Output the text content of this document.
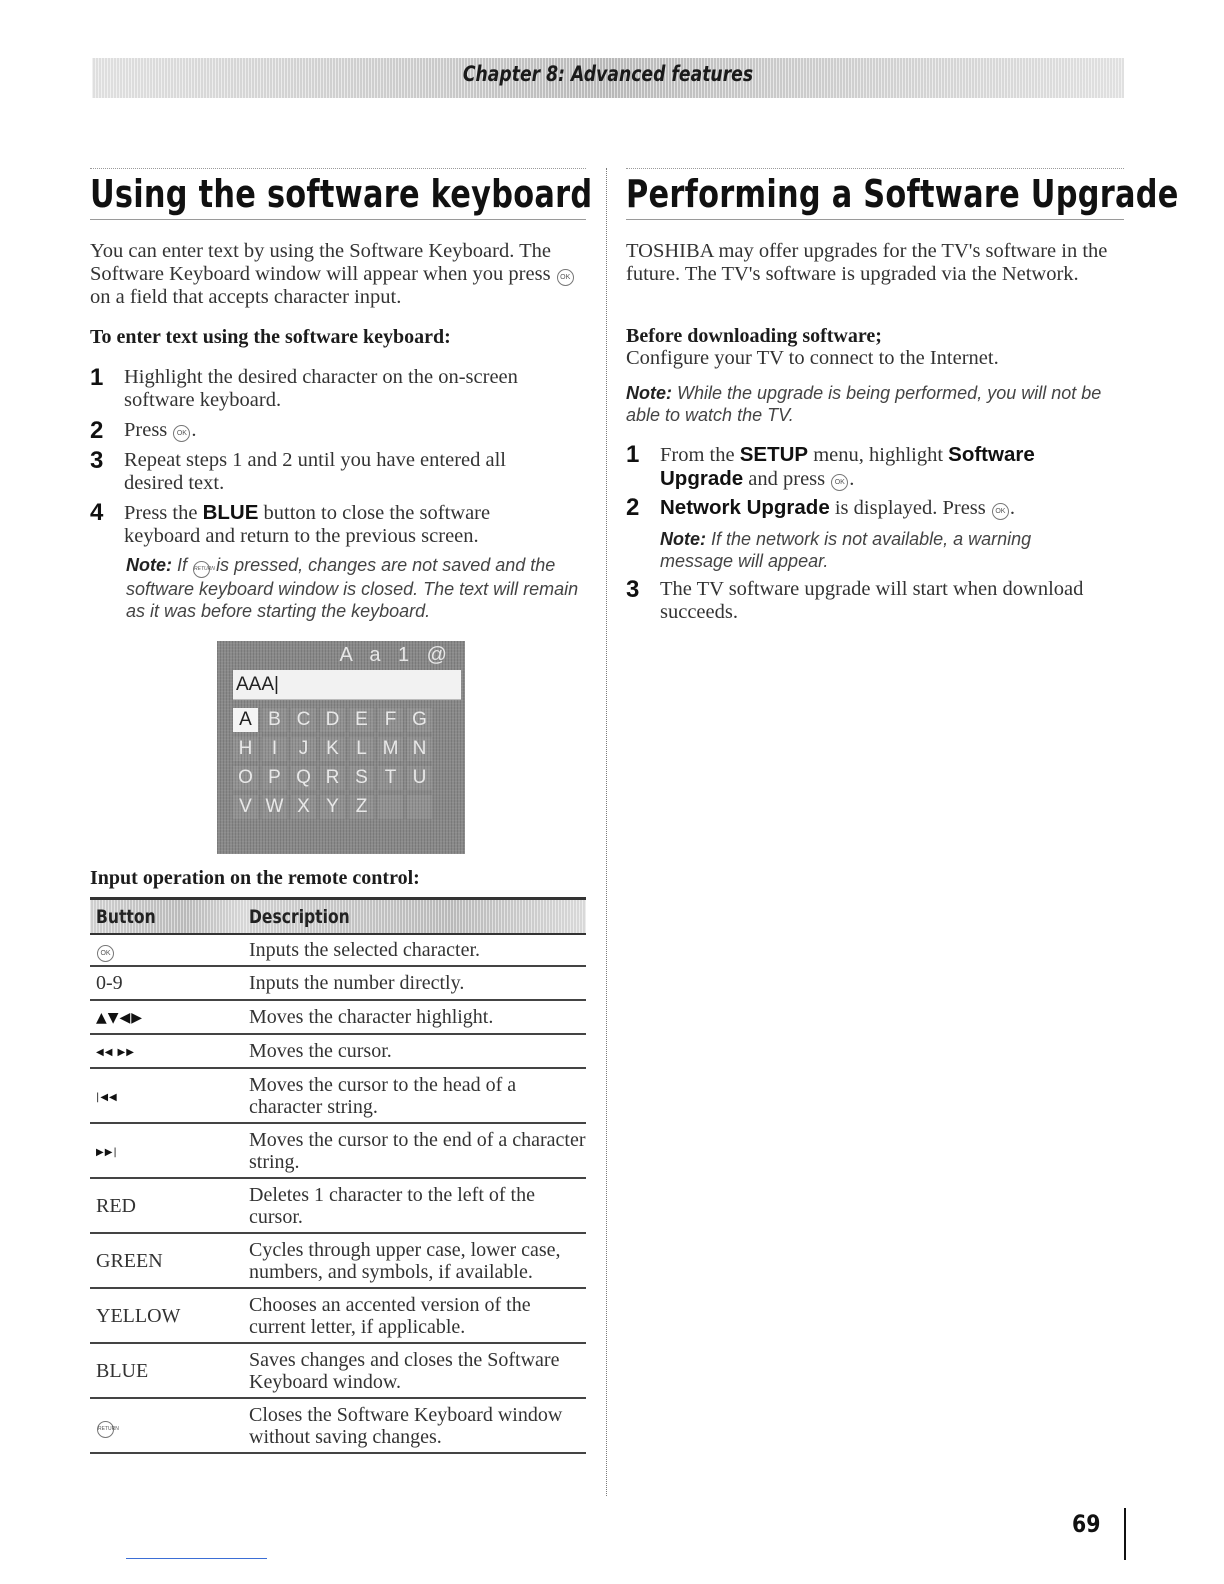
Chapter 8: Advanced features
Using the software keyboard
You can enter text by using the Software Keyboard. The Software Keyboard window will appear when you press OK on a field that accepts character input.
To enter text using the software keyboard:
1 Highlight the desired character on the on-screen software keyboard.
2 Press OK .
3 Repeat steps 1 and 2 until you have entered all desired text.
4 Press the BLUE button to close the software keyboard and return to the previous screen.
Note: If RETURN is pressed, changes are not saved and the software keyboard window is closed. The text will remain as it was before starting the keyboard.
A a 1 @
AAA|
A B C D E F G
H	I	J K L M N
O P Q R S T U
V W X Y Z
Input operation on the remote control:
Button	Description
OK	Inputs the selected character.
0-9	Inputs the number directly.
▲▼◀▶	Moves the character highlight.
◀◀ ▶▶	Moves the cursor.
|◀◀	Moves the cursor to the head of a character string.
▶▶|	Moves the cursor to the end of a character string.
RED	Deletes 1 character to the left of the cursor.
GREEN	Cycles through upper case, lower case, numbers, and symbols, if available.
YELLOW	Chooses an accented version of the current letter, if applicable.
BLUE	Saves changes and closes the Software Keyboard window.
RETURN	Closes the Software Keyboard window without saving changes.
Performing a Software Upgrade
TOSHIBA may offer upgrades for the TV's software in the future. The TV's software is upgraded via the Network.
Before downloading software;
Configure your TV to connect to the Internet.
Note: While the upgrade is being performed, you will not be able to watch the TV.
1 From the SETUP menu, highlight Software Upgrade and press OK .
2 Network Upgrade is displayed. Press OK .
Note: If the network is not available, a warning message will appear.
3 The TV software upgrade will start when download succeeds.
69
